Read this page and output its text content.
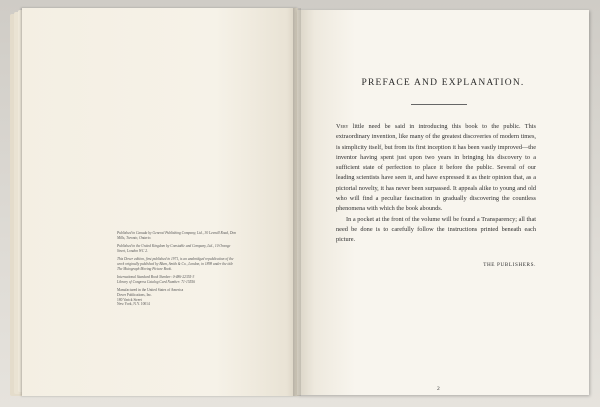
Published in Canada by General Publishing Company, Ltd., 30 Lesmill Road, Don Mills, Toronto, Ontario.

Published in the United Kingdom by Constable and Company, Ltd., 10 Orange Street, London WC 2.

This Dover edition, first published in 1971, is an unabridged republication of the work originally published by Blum, Smith & Co., London, in 1898 under the title The Mutograph Moving Picture Book.

International Standard Book Number: 0-486-22355-3
Library of Congress Catalog Card Number: 71-15556

Manufactured in the United States of America
Dover Publications, Inc.
180 Varick Street
New York, N.Y. 10014

PREFACE AND EXPLANATION.

Very little need be said in introducing this book to the public. This extraordinary invention, like many of the greatest discoveries of modern times, is simplicity itself, but from its first inception it has been vastly improved—the inventor having spent just upon two years in bringing his discovery to a sufficient state of perfection to place it before the public. Several of our leading scientists have seen it, and have expressed it as their opinion that, as a pictorial novelty, it has never been surpassed. It appeals alike to young and old who will find a peculiar fascination in gradually discovering the countless phenomena with which the book abounds.

In a pocket at the front of the volume will be found a Transparency; all that need be done is to carefully follow the instructions printed beneath each picture.

THE PUBLISHERS.
2
